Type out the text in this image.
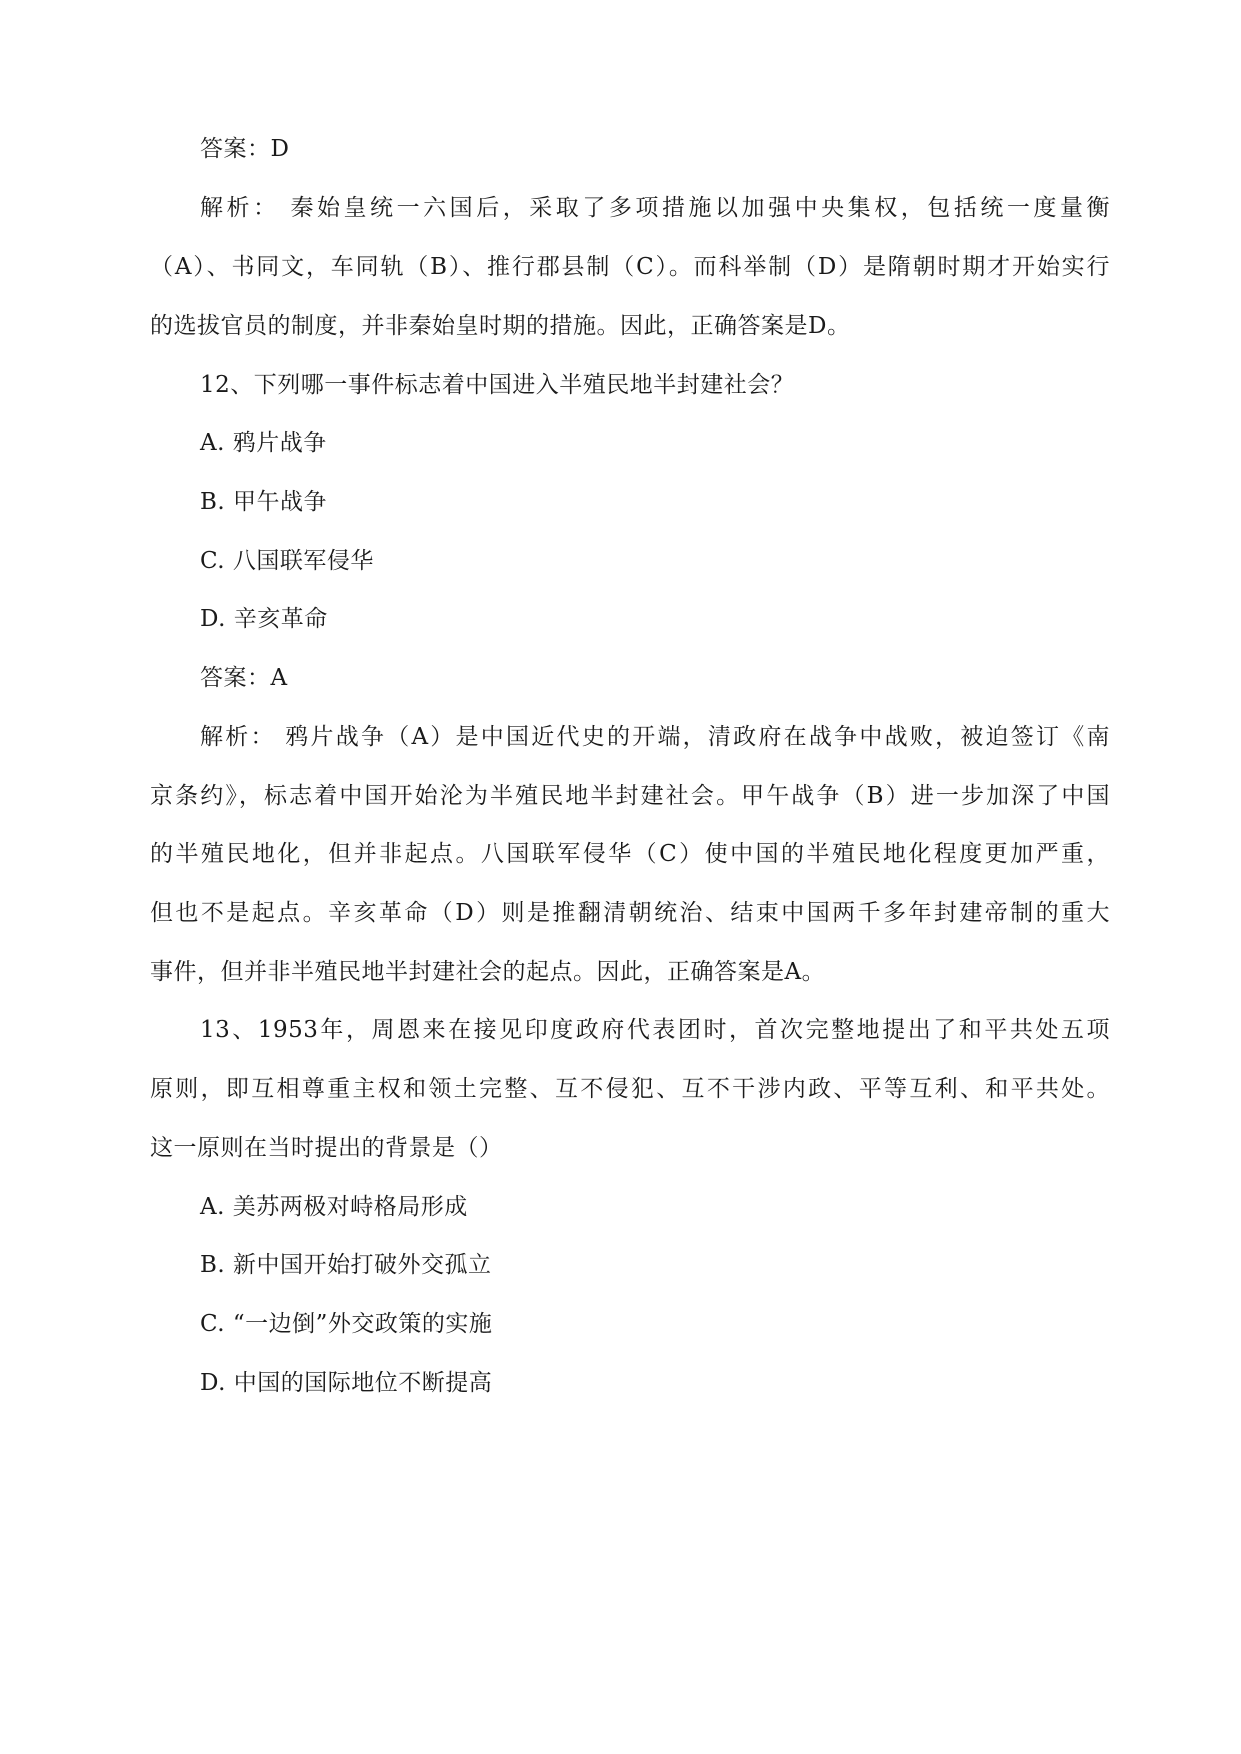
答案：D
解析： 秦始皇统一六国后，采取了多项措施以加强中央集权，包括统一度量衡
（A）、书同文，车同轨（B）、推行郡县制（C）。而科举制（D）是隋朝时期才开始实行
的选拔官员的制度，并非秦始皇时期的措施。因此，正确答案是D。
12、下列哪一事件标志着中国进入半殖民地半封建社会？
A. 鸦片战争
B. 甲午战争
C. 八国联军侵华
D. 辛亥革命
答案：A
解析： 鸦片战争（A）是中国近代史的开端，清政府在战争中战败，被迫签订《南
京条约》，标志着中国开始沦为半殖民地半封建社会。甲午战争（B）进一步加深了中国
的半殖民地化，但并非起点。八国联军侵华（C）使中国的半殖民地化程度更加严重，
但也不是起点。辛亥革命（D）则是推翻清朝统治、结束中国两千多年封建帝制的重大
事件，但并非半殖民地半封建社会的起点。因此，正确答案是A。
13、1953年，周恩来在接见印度政府代表团时，首次完整地提出了和平共处五项
原则，即互相尊重主权和领土完整、互不侵犯、互不干涉内政、平等互利、和平共处。
这一原则在当时提出的背景是（）
A. 美苏两极对峙格局形成
B. 新中国开始打破外交孤立
C. “一边倒”外交政策的实施
D. 中国的国际地位不断提高
